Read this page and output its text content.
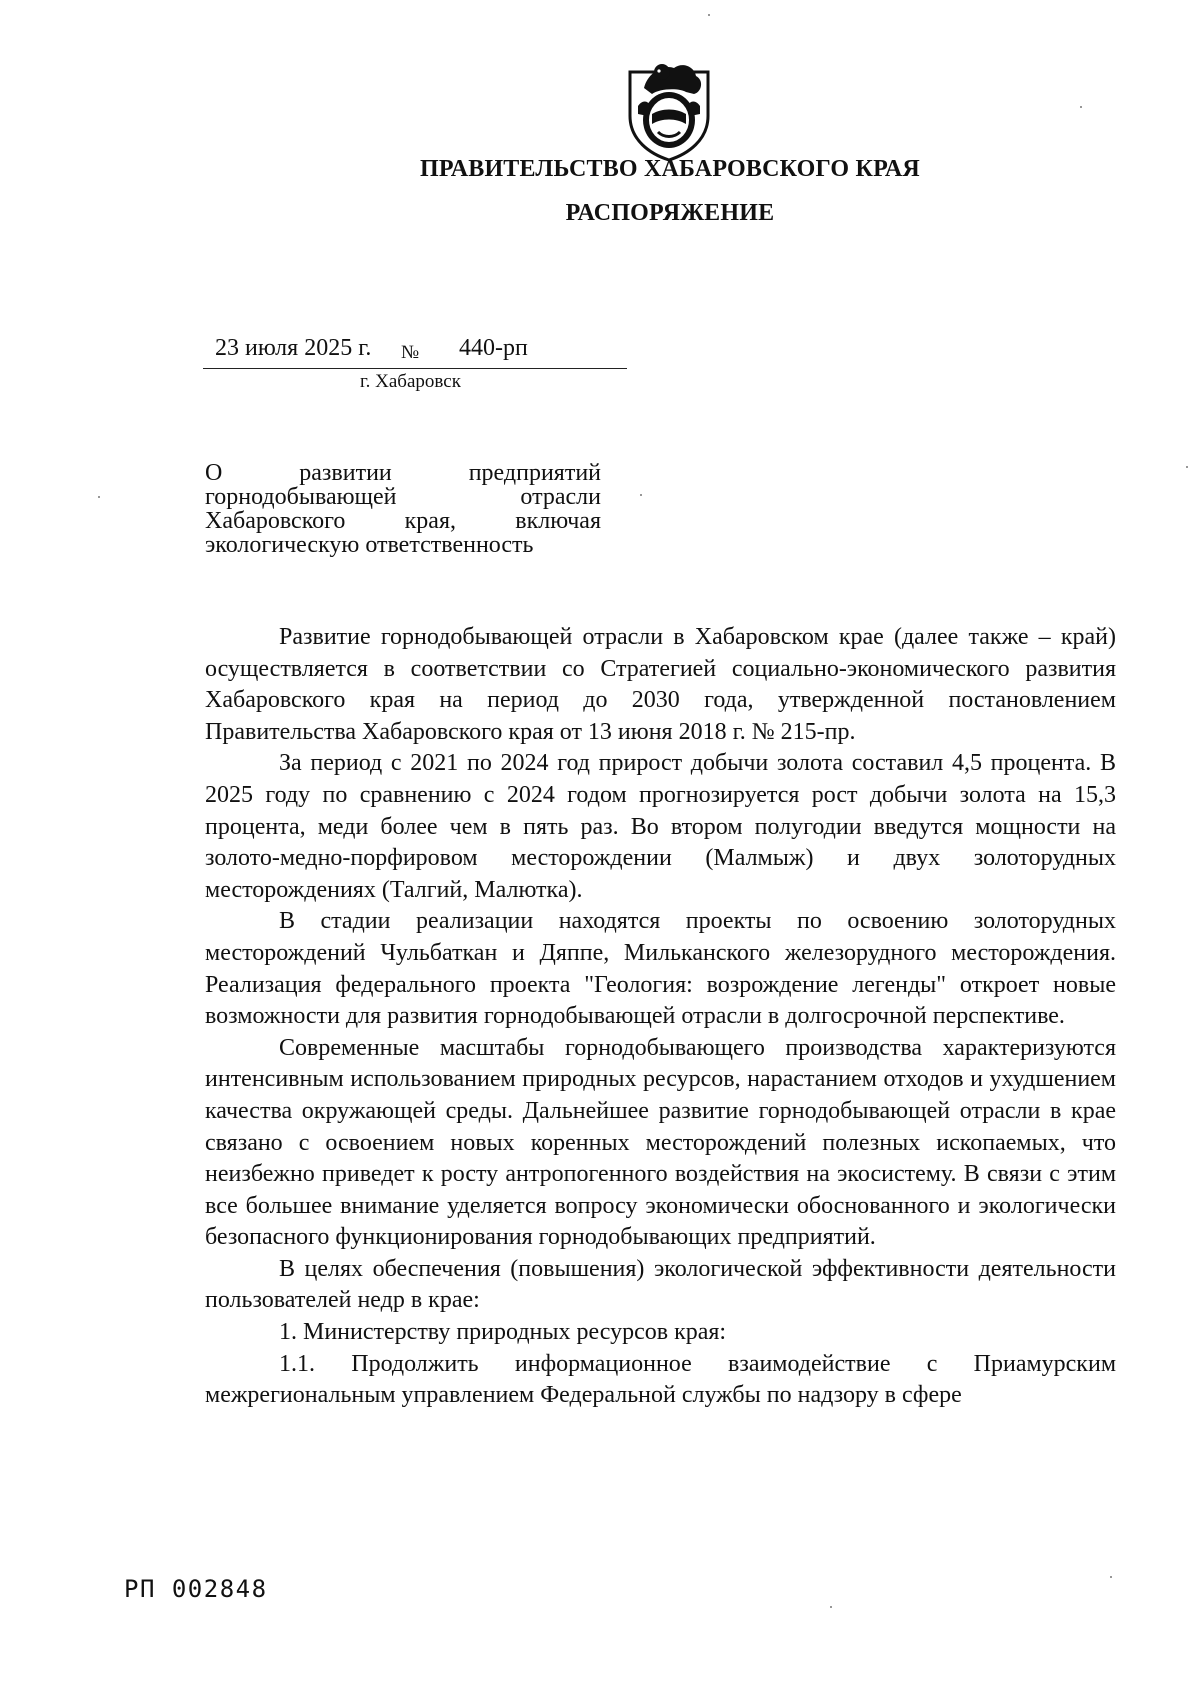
ПРАВИТЕЛЬСТВО ХАБАРОВСКОГО КРАЯ
РАСПОРЯЖЕНИЕ
23 июля 2025 г. № 440-рп
г. Хабаровск
О развитии предприятий
горнодобывающей отрасли
Хабаровского края, включая
экологическую ответственность

Развитие горнодобывающей отрасли в Хабаровском крае (далее также – край) осуществляется в соответствии со Стратегией социально-экономического развития Хабаровского края на период до 2030 года, утвержденной постановлением Правительства Хабаровского края от 13 июня 2018 г. № 215-пр.

За период с 2021 по 2024 год прирост добычи золота составил 4,5 процента. В 2025 году по сравнению с 2024 годом прогнозируется рост добычи золота на 15,3 процента, меди более чем в пять раз. Во втором полугодии введутся мощности на золото-медно-порфировом месторождении (Малмыж) и двух золоторудных месторождениях (Талгий, Малютка).

В стадии реализации находятся проекты по освоению золоторудных месторождений Чульбаткан и Дяппе, Мильканского железорудного месторождения. Реализация федерального проекта "Геология: возрождение легенды" откроет новые возможности для развития горнодобывающей отрасли в долгосрочной перспективе.

Современные масштабы горнодобывающего производства характеризуются интенсивным использованием природных ресурсов, нарастанием отходов и ухудшением качества окружающей среды. Дальнейшее развитие горнодобывающей отрасли в крае связано с освоением новых коренных месторождений полезных ископаемых, что неизбежно приведет к росту антропогенного воздействия на экосистему. В связи с этим все большее внимание уделяется вопросу экономически обоснованного и экологически безопасного функционирования горнодобывающих предприятий.

В целях обеспечения (повышения) экологической эффективности деятельности пользователей недр в крае:

1. Министерству природных ресурсов края:

1.1. Продолжить информационное взаимодействие с Приамурским межрегиональным управлением Федеральной службы по надзору в сфере

РП 002848
